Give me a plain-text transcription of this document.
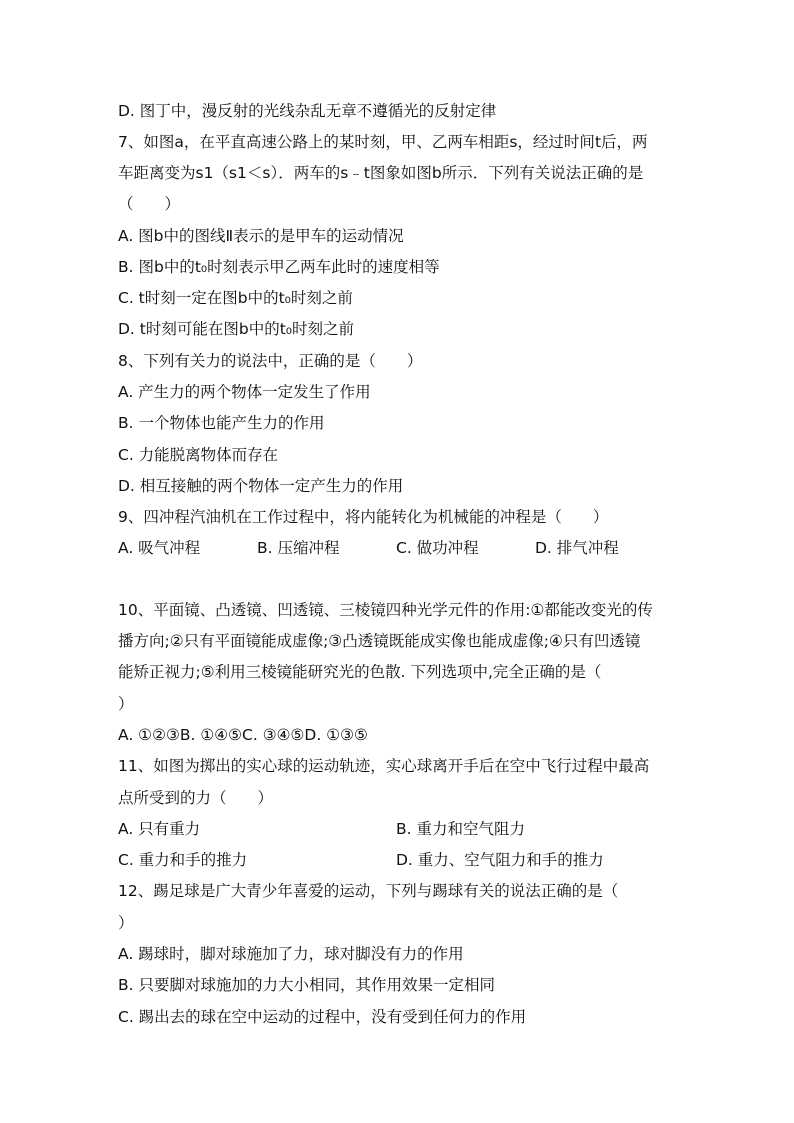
D. 图丁中，漫反射的光线杂乱无章不遵循光的反射定律
7、如图a，在平直高速公路上的某时刻，甲、乙两车相距s，经过时间t后，两
车距离变为s1（s1＜s）．两车的s﹣t图象如图b所示．下列有关说法正确的是
（　　）
A. 图b中的图线Ⅱ表示的是甲车的运动情况
B. 图b中的t₀时刻表示甲乙两车此时的速度相等
C. t时刻一定在图b中的t₀时刻之前
D. t时刻可能在图b中的t₀时刻之前
8、下列有关力的说法中，正确的是（　　）
A. 产生力的两个物体一定发生了作用
B. 一个物体也能产生力的作用
C. 力能脱离物体而存在
D. 相互接触的两个物体一定产生力的作用
9、四冲程汽油机在工作过程中，将内能转化为机械能的冲程是（　　）
A. 吸气冲程	B. 压缩冲程	C. 做功冲程	D. 排气冲程
10、平面镜、凸透镜、凹透镜、三棱镜四种光学元件的作用:①都能改变光的传
播方向;②只有平面镜能成虚像;③凸透镜既能成实像也能成虚像;④只有凹透镜
能矫正视力;⑤利用三棱镜能研究光的色散. 下列选项中,完全正确的是（
）
A. ①②③B. ①④⑤C. ③④⑤D. ①③⑤
11、如图为掷出的实心球的运动轨迹，实心球离开手后在空中飞行过程中最高
点所受到的力（　　）
A. 只有重力	B. 重力和空气阻力
C. 重力和手的推力	D. 重力、空气阻力和手的推力
12、踢足球是广大青少年喜爱的运动，下列与踢球有关的说法正确的是（
）
A. 踢球时，脚对球施加了力，球对脚没有力的作用
B. 只要脚对球施加的力大小相同，其作用效果一定相同
C. 踢出去的球在空中运动的过程中，没有受到任何力的作用
